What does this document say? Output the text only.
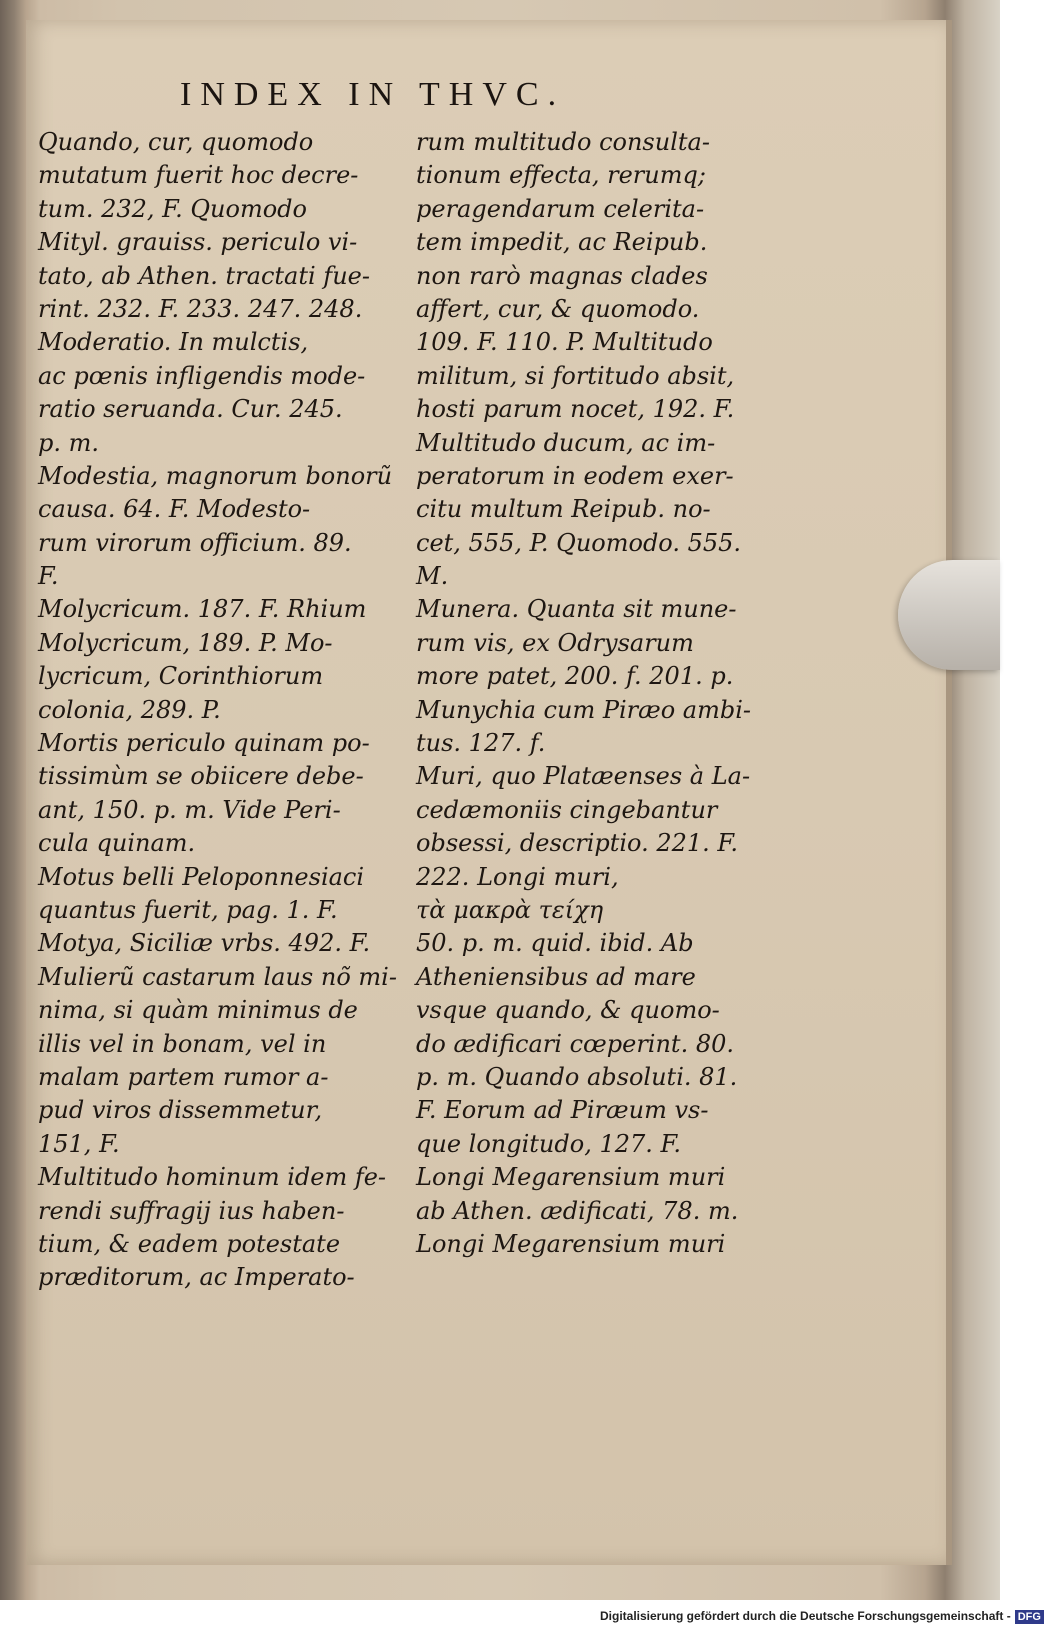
INDEX IN THVC.
Quando, cur, quomodo
mutatum fuerit hoc decre-
tum. 232, F. Quomodo
Mityl. grauiss. periculo vi-
tato, ab Athen. tractati fue-
rint. 232. F. 233. 247. 248.
Moderatio. In mulctis,
ac pœnis infligendis mode-
ratio seruanda. Cur. 245.
p. m.
Modestia, magnorum bonorũ
causa. 64. F. Modesto-
rum virorum officium. 89.
F.
Molycricum. 187. F. Rhium
Molycricum, 189. P. Mo-
lycricum, Corinthiorum
colonia, 289. P.
Mortis periculo quinam po-
tissimùm se obiicere debe-
ant, 150. p. m. Vide Peri-
cula quinam.
Motus belli Peloponnesiaci
quantus fuerit, pag. 1. F.
Motya, Siciliæ vrbs. 492. F.
Mulierũ castarum laus nõ mi-
nima, si quàm minimus de
illis vel in bonam, vel in
malam partem rumor a-
pud viros dissemmetur,
151, F.
Multitudo hominum idem fe-
rendi suffragij ius haben-
tium, & eadem potestate
præditorum, ac Imperato-
rum multitudo consulta-
tionum effecta, rerumq;
peragendarum celerita-
tem impedit, ac Reipub.
non rarò magnas clades
affert, cur, & quomodo.
109. F. 110. P. Multitudo
militum, si fortitudo absit,
hosti parum nocet, 192. F.
Multitudo ducum, ac im-
peratorum in eodem exer-
citu multum Reipub. no-
cet, 555, P. Quomodo. 555.
M.
Munera. Quanta sit mune-
rum vis, ex Odrysarum
more patet, 200. f. 201. p.
Munychia cum Piræo ambi-
tus. 127. f.
Muri, quo Platæenses à La-
cedæmoniis cingebantur
obsessi, descriptio. 221. F.
222. Longi muri,
τὰ μακρὰ τείχη
50. p. m. quid. ibid. Ab
Atheniensibus ad mare
vsque quando, & quomo-
do ædificari cœperint. 80.
p. m. Quando absoluti. 81.
F. Eorum ad Piræum vs-
que longitudo, 127. F.
Longi Megarensium muri
ab Athen. ædificati, 78. m.
Longi Megarensium muri
Digitalisierung gefördert durch die Deutsche Forschungsgemeinschaft - DFG
